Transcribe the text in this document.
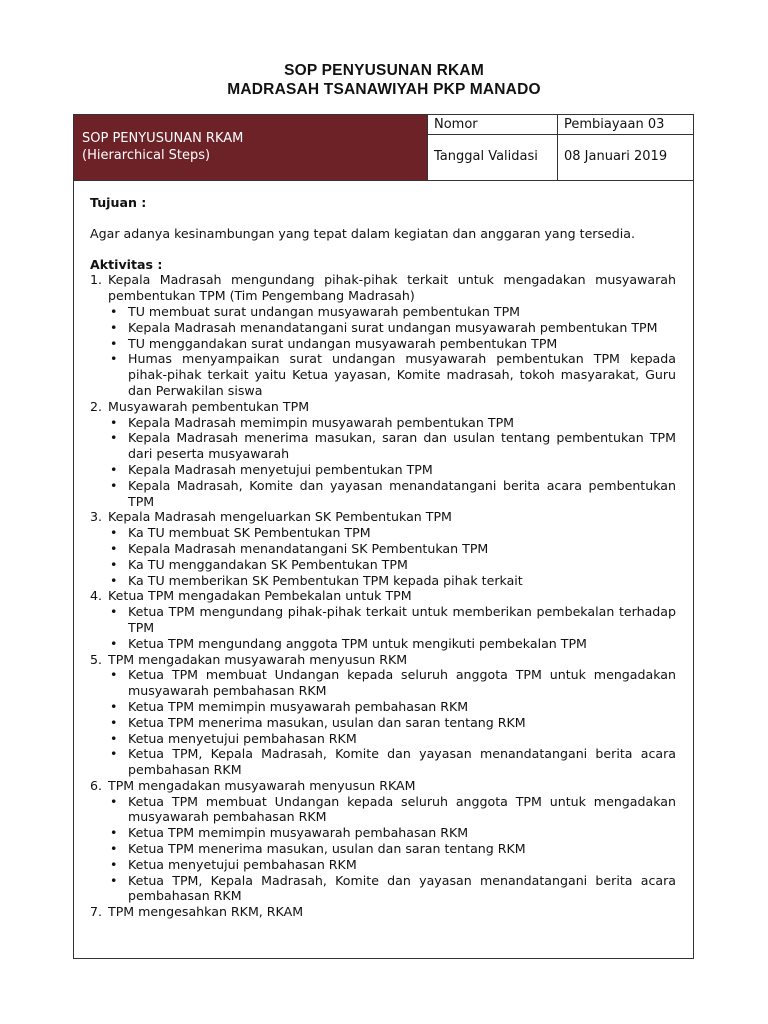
SOP PENYUSUNAN RKAM
MADRASAH TSANAWIYAH PKP MANADO
SOP PENYUSUNAN RKAM
(Hierarchical Steps)
Nomor	Pembiayaan 03
Tanggal Validasi	08 Januari 2019

Tujuan :

Agar adanya kesinambungan yang tepat dalam kegiatan dan anggaran yang tersedia.

Aktivitas :

1. Kepala Madrasah mengundang pihak-pihak terkait untuk mengadakan musyawarah pembentukan TPM (Tim Pengembang Madrasah)
• TU membuat surat undangan musyawarah pembentukan TPM
• Kepala Madrasah menandatangani surat undangan musyawarah pembentukan TPM
• TU menggandakan surat undangan musyawarah pembentukan TPM
• Humas menyampaikan surat undangan musyawarah pembentukan TPM kepada pihak-pihak terkait yaitu Ketua yayasan, Komite madrasah, tokoh masyarakat, Guru dan Perwakilan siswa
2. Musyawarah pembentukan TPM
• Kepala Madrasah memimpin musyawarah pembentukan TPM
• Kepala Madrasah menerima masukan, saran dan usulan tentang pembentukan TPM dari peserta musyawarah
• Kepala Madrasah menyetujui pembentukan TPM
• Kepala Madrasah, Komite dan yayasan menandatangani berita acara pembentukan TPM
3. Kepala Madrasah mengeluarkan SK Pembentukan TPM
• Ka TU membuat SK Pembentukan TPM
• Kepala Madrasah menandatangani SK Pembentukan TPM
• Ka TU menggandakan SK Pembentukan TPM
• Ka TU memberikan SK Pembentukan TPM kepada pihak terkait
4. Ketua TPM mengadakan Pembekalan untuk TPM
• Ketua TPM mengundang pihak-pihak terkait untuk memberikan pembekalan terhadap TPM
• Ketua TPM mengundang anggota TPM untuk mengikuti pembekalan TPM
5. TPM mengadakan musyawarah menyusun RKM
• Ketua TPM membuat Undangan kepada seluruh anggota TPM untuk mengadakan musyawarah pembahasan RKM
• Ketua TPM memimpin musyawarah pembahasan RKM
• Ketua TPM menerima masukan, usulan dan saran tentang RKM
• Ketua menyetujui pembahasan RKM
• Ketua TPM, Kepala Madrasah, Komite dan yayasan menandatangani berita acara pembahasan RKM
6. TPM mengadakan musyawarah menyusun RKAM
• Ketua TPM membuat Undangan kepada seluruh anggota TPM untuk mengadakan musyawarah pembahasan RKM
• Ketua TPM memimpin musyawarah pembahasan RKM
• Ketua TPM menerima masukan, usulan dan saran tentang RKM
• Ketua menyetujui pembahasan RKM
• Ketua TPM, Kepala Madrasah, Komite dan yayasan menandatangani berita acara pembahasan RKM
7. TPM mengesahkan RKM, RKAM
